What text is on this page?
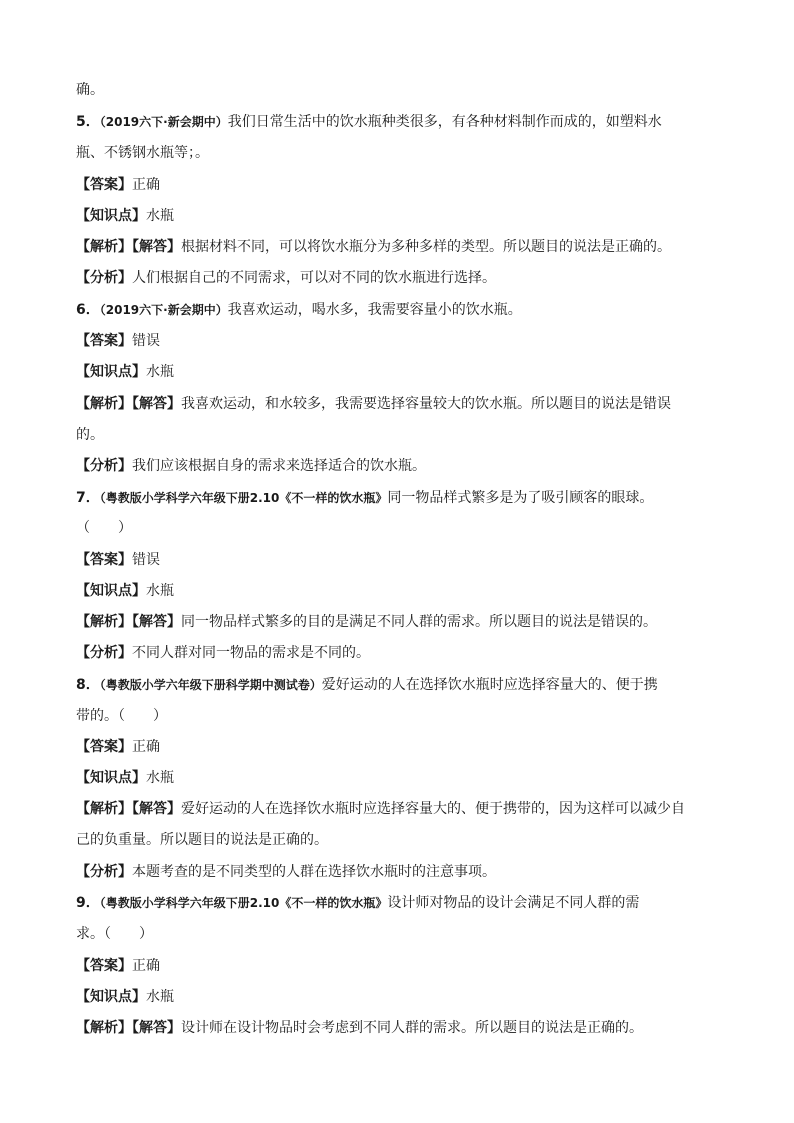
确。
5．（2019六下·新会期中）我们日常生活中的饮水瓶种类很多，有各种材料制作而成的，如塑料水
瓶、不锈钢水瓶等；。
【答案】正确
【知识点】水瓶
【解析】【解答】根据材料不同，可以将饮水瓶分为多种多样的类型。所以题目的说法是正确的。
【分析】人们根据自己的不同需求，可以对不同的饮水瓶进行选择。
6．（2019六下·新会期中）我喜欢运动，喝水多，我需要容量小的饮水瓶。
【答案】错误
【知识点】水瓶
【解析】【解答】我喜欢运动，和水较多，我需要选择容量较大的饮水瓶。所以题目的说法是错误
的。
【分析】我们应该根据自身的需求来选择适合的饮水瓶。
7．（粤教版小学科学六年级下册2.10《不一样的饮水瓶》同一物品样式繁多是为了吸引顾客的眼球。
（　　）
【答案】错误
【知识点】水瓶
【解析】【解答】同一物品样式繁多的目的是满足不同人群的需求。所以题目的说法是错误的。
【分析】不同人群对同一物品的需求是不同的。
8．（粤教版小学六年级下册科学期中测试卷）爱好运动的人在选择饮水瓶时应选择容量大的、便于携
带的。（　　）
【答案】正确
【知识点】水瓶
【解析】【解答】爱好运动的人在选择饮水瓶时应选择容量大的、便于携带的，因为这样可以减少自
己的负重量。所以题目的说法是正确的。
【分析】本题考查的是不同类型的人群在选择饮水瓶时的注意事项。
9．（粤教版小学科学六年级下册2.10《不一样的饮水瓶》设计师对物品的设计会满足不同人群的需
求。（　　）
【答案】正确
【知识点】水瓶
【解析】【解答】设计师在设计物品时会考虑到不同人群的需求。所以题目的说法是正确的。
